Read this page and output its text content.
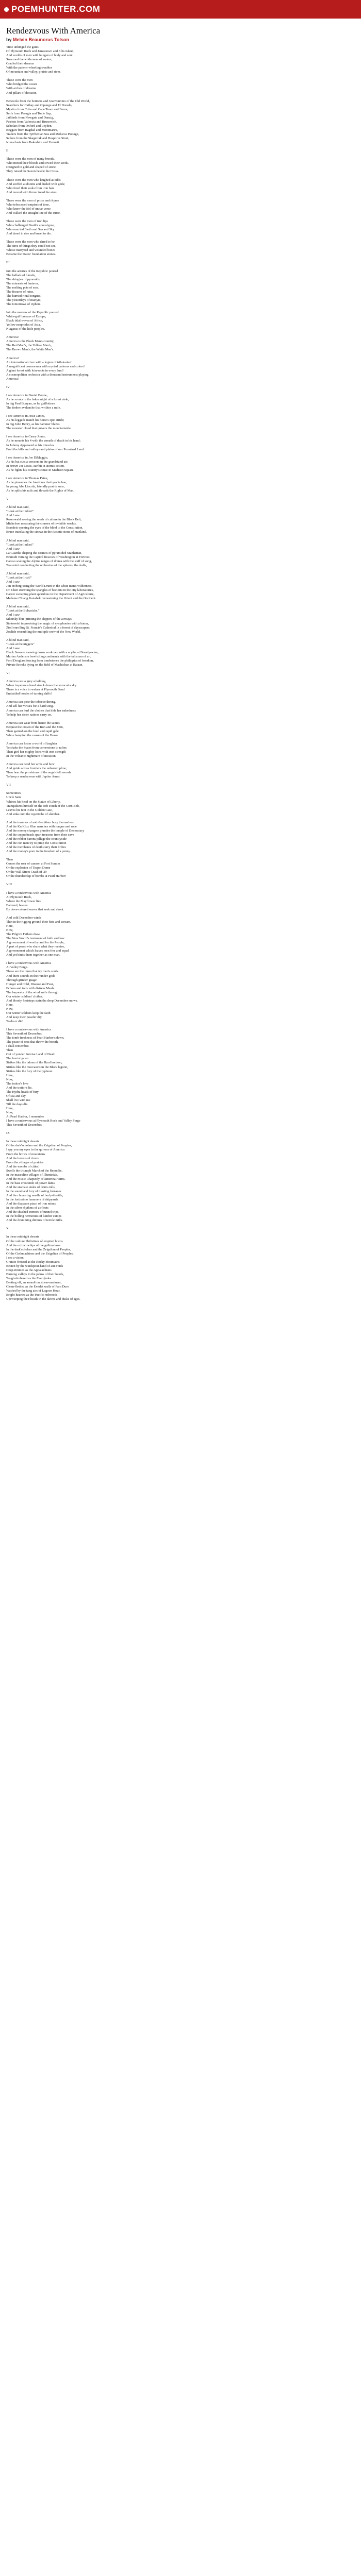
POEMHUNTER.COM
Rendezvous With America
by Melvin Beaunorus Tolson
Time unhinged the gates
Of Plymouth Rock and Jamestown and Ellis Island,
And worlds of men with hungers of body and soul
Swarmed the wilderness of waters,
Cradled their dreams
With the pattern-wheeling troubles
Of mountain and valley, prairie and river.
These were the men
Who bridged the ocean
With arches of dreams
And pillars of decision.
Benevolo from the bottoms and Gianvannino of the Old World,
Searchers for Cathay and Cipangu and El Dorado,
Mystics from Cuba and Cape Town and Berne,
Serfs from Perugia and Tonle Sap,
Jailbirds from Newgate and Danzig,
Patriots from Valencia and Brunswick,
Scholars from Oxford and Leyden,
Beggars from Bagdad and Montmartre,
Traders from the Tyrrhenian Sea and Molucca Passage,
Sailors from the Skagerrak and Bosporus Strait,
Iconoclasts from Bakeshire and Zermatt.
II
These were the men of many breeds,
Who mixed their bloods and sowed their seeds.
Designed in gold and shaped of stone,
They raised the Saxon beside the Cross.
These were the men who laughed at odds
And scoffed at dooms and dueled with gods;
Who freed their souls from iron bars
And moved with firmer tread the stars.
These were the men of prose and rhyme
Who telescoped empires of time,
Who knew the Ifel of unitar verse
And walked the straight line of the curse.
These were the men of iron lips
Who challenged Death's apocalypse,
Who married Earth and Sea and Sky
And dared to rise and kneel to die.
These were the men who dared to be
The sires of things they could not see,
Whose martyred and wounded bones
Became the States' foundation stones.
III
Into the arteries of the Republic poured
The ballads of bloods,
The shingles of pyramids,
The minarets of lanterns,
The melting pots of seas,
The fissures of rains,
The hurried ritual tongues,
The yesterdays of martyrs,
The tomorrows of ciphers.
Into the marrow of the Republic poured
White-gulf breezes of Europe,
Black tidal waves of Africa,
Yellow neap tides of Asia,
Niagaras of the little peoples.
America!
America is the Black Man's country,
The Red Man's, the Yellow Man's,
The Brown Man's, the White Man's.
America?
An international river with a legion of tributaries!
A magnificent cosmorama with myriad patterns and colors!
A giant forest with loin-roots in every land!
A cosmopolitan orchestra with a thousand instruments playing
America!
IV
I see America in Daniel Boone,
As he scouts in the bakes night of a forest aisle,
In big Paul Bunyan, as he guillotines
The timber avalanche that writhes a mile.
I see America in Jesse James,
As his leggeds match his horse's epic stride;
In big John Henry, as his hammer blazes
The monster cloud that quivers the mountainside.
I see America in Casey Jones,
As he mounts his 4 with the wreath of death in his hand;
In Johnny Appleseed as his miracles
Fruit the hills and valleys and plains of our Promised Land.
I see America in Joe DiMaggio,
As his bat cuts a crescent in the grandstand air;
In brown Joe Louis, surfeit in atomic action,
As he fights his country's cause in Madison Square.
I see America in Thomas Paine,
As he pinnacles the freedoms that tyrants ban;
In young Abe Lincoln, laterally prairie suns,
As he splits his rails and threads the Rights of Man.
V
A blind man said,
"Look at the Indies!"
And I saw
Rosenwald sowing the seeds of culture in the Black Belt,
Michelson measuring the courses of invisible worlds,
Brandeis opening the eyes of the blind to the Constitution,
Bruce translating the sinews in the Rosette stone of mankind.
A blind man said,
"Look at the Indies!"
And I saw
La Guardia shaping the cosmos of pyramided Manhattan,
Brumidi veining the Capitol frescoes of Washington at Fortress,
Caruso scaling the Alpine ranges of drama with the staff of song,
Toscanini conducting the orchestras of the spheres, the Aalls,
A blind man said,
"Look at the Irish!"
And I saw
Jim Hoberg using the World Drum in the white man's wilderness.
Dr. Chen storming the spangles of bacteria in the city laboratories,
Carver sweeping plant sporulous in the Department of Agriculture,
Madame Chiang Kai-shek reconstruing the Orient and the Occident.
A blind man said,
"Look at the Bolsaricks."
And I saw
Sikorsky blue-printing the clippers of the airways,
Stokowski improvising the magic of symphonies with a baton,
Zioll enrolling St. Francis's Cathedral in a forest of skyscrapers,
Zoclide resembling the multiple crew of the New World.
A blind man said,
"Look at the niggers"
And I saw
Black Samson mowing down workmen with a scythe at Brandy-wine,
Marian Anderson bewitching continents with the talisman of art,
Ford Douglass forcing from tombstones the philippics of freedom,
Private Brooks dying on the field of Machichan at Bataan.
VI
America cast a grey a holiday,
When impetuous hand struck down the terracotta sky.
There is a voice to waken at Plymouth Bend
Embattled hordes of turning daffs!
America can pose the tobacco throng,
And sell her virtues for a hard song.
America can hurl the clothes that hide her nakedness
To help her sister nations carry on.
America can wear from hence the saint's
Bequest the crown of the Iron and the Fern,
Then garnish on the loud and rapid gale
Who champion the causes of the Brave.
America can foster a world of laughter
To shake the States from cornerstone to rafter;
Then gird her mighty loins with iron strength
In the volcanic nightmare of invasion.
America can bend her arms and bow
And guide across frontiers the unbarred plow;
Then bear the provisions of the angel-fell swords
To keep a rendezvous with Jupiter Ames.
VII
Sometimes
Uncle Sam
Whines his head on the Statue of Liberty,
Tranquilizes himself on the soft couch of the Corn Belt,
Leaves his feet in the Golden Gate,
And sinks into the repertiche of slumber.
And the termites of anti-Semitism busy themselves
And the Ku Klux Klan marches with tongue and rope
And the money changers plunder the temple of Democracy
And the copperheads spurt treasons from their cave
And the robber barons pillage the countryside
And the con men try to pimp the Constitution
And the merchants of death carry their bribes
And the money's poor in the freedom of a penny.
Then
Comes the roar of cannon at Fort Sumter
Or the explosion of Teapot Dome
Or the Wall Street Crash of '29
Or the thunderclap of bombs at Pearl Harbor!
VIII
I have a rendezvous with America
At Plymouth Rock,
Where the Mayflower lies
Battered, beaten
By dove-colored waves that seek and shout.
And cold December winds
Thin in the rigging ground their fists and scream.
Here,
Now,
The Pilgrim Fathers draw
The New World's testament of faith and law:
A government of worthy and for the People,
A part of peers who share what they receive,
A government which leaves men free and equal
And yet binds them together as one man.
I have a rendezvous with America
At Valley Forge.
These are the times that try men's souls.
And there sounds in their under-gods
Through grinder guage
Hunger and Cold, Disease and Fear,
Echoes and tolls with distress Meals.
The bayonets of the wind knife through
Our winter soldiers' clothes,
And bloody footsteps stain the deep December snows.
Here,
Now,
Our winter soldiers keep the faith
And keep their powder dry,
To do or die!
I have a rendezvous with America
This Seventh of December.
The tomb-freshness of Pearl Harbor's dawn,
The peace of seas that throw the breath,
I shall remember.
Then
Out of yonder Sunrise Land of Death
The fascist gawn
Strikes like the talons of the Hard horizon,
Strikes like the moccasins in the Black lagoon,
Strikes like the fury of the typhoon.
Here,
Now,
The traitor's lave
And the traitor's lie,
The Hydra heads of fury
Of sea and sky
Shall live with me
Till the days die.
Here,
Now,
At Pearl Harbor, I remember
I have a rendezvous at Plymouth Rock and Valley Forge
This Seventh of December.
IX
In these midnight deserts
Of the dark'scholars and the Zeigeltan of Peoples,
I spy you my eyes in the quivers of America
From the brows of mountains
And the breasts of rivers
From the villages of prairies
And the wombs of cities!
Swells the triumph March of the Republic,
In the masculine villages of Illuminiak,
And the Music Rhapsody of Amerina Harris,
In the bass crescendo of power dams
And the staccato aisles of drum-rolls,
In the sound and fury of blasting furnaces
And the clamoring needle of hurly-throttle,
In the fortissimo hammers of shipyards
And the diapason pizzo of iron mines,
In the silver rhythms of airfleets
And the shushed tremors of tunnel trips,
In the bolling hermonies of lumber camps
And the drumming diminis of textile mills.
X
In these midnight deserts
Of the vulture Philistines of emptied lawns
And the extinct whips of the gallum laws
In the dark'scholars and the Zeigeltan of Peoples,
Of the Gothmachines and the Zeigeltan of Peoples,
I see a vision,
Granite-freezed as the Rocky Mountains
Beaten by the windspout-hand of ant-voids
Deep-rimmed as the Appalachians
Burning valleys in the palms of their hands,
Tough-timbered as the Everglades
Beating off, an assault on storm-mariners,
Clean-fleshed as the Everlet walls of Pam Duro
Washed by the tang airs of Lagoon Hour,
Bright-hearted as the Pacific redwoods
Upsweeping their heads in the dawns and dusks of ages.
